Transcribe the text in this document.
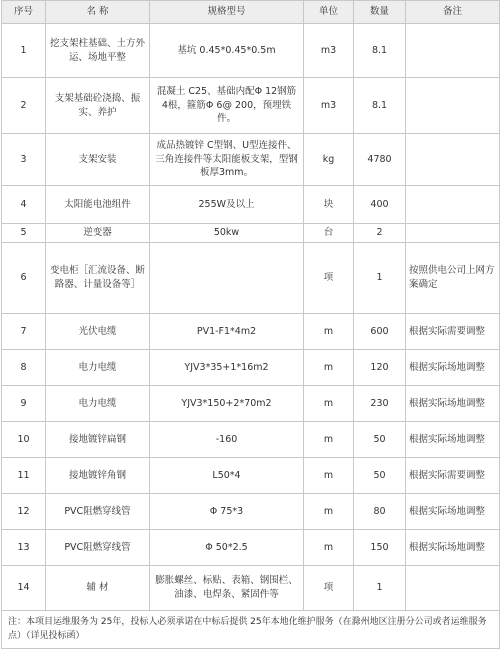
序号	名 称	规格型号	单位	数量	备注
1	挖支架柱基础、土方外运、场地平整	基坑 0.45*0.45*0.5m	m3	8.1	
2	支架基础砼浇捣、振实、养护	混凝土 C25、基础内配Φ 12钢筋 4根，箍筋Φ 6@ 200，预埋铁件。	m3	8.1	
3	支架安装	成品热镀锌 C型钢、U型连接件、三角连接件等太阳能板支架，型钢板厚3mm。	kg	4780	
4	太阳能电池组件	255W及以上	块	400	
5	逆变器	50kw	台	2	
6	变电柜［汇流设备、断路器、计量设备等］		项	1	按照供电公司上网方案确定
7	光伏电缆	PV1-F1*4m2	m	600	根据实际需要调整
8	电力电缆	YJV3*35+1*16m2	m	120	根据实际场地调整
9	电力电缆	YJV3*150+2*70m2	m	230	根据实际场地调整
10	接地镀锌扁钢	-160	m	50	根据实际场地调整
11	接地镀锌角钢	L50*4	m	50	根据实际需要调整
12	PVC阻燃穿线管	Φ 75*3	m	80	根据实际场地调整
13	PVC阻燃穿线管	Φ 50*2.5	m	150	根据实际场地调整
14	辅 材	膨胀螺丝、标贴、表箱、钢围栏、油漆、电焊条、紧固件等	项	1	
注：本项目运维服务为 25年，投标人必须承诺在中标后提供 25年本地化维护服务（在滁州地区注册分公司或者运维服务点）（详见投标函）					
